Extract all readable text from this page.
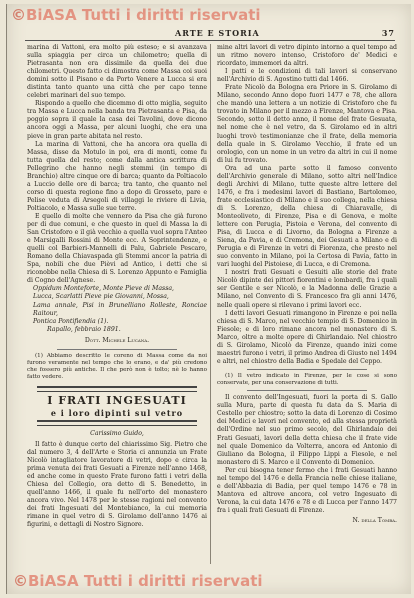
©BiASA Tutti i diritti riservati
ARTE E STORIA	37

marina di Vattoni, era molto più esteso; e si avanzava sulla spiaggia per circa un chilometro; quella di Pietrasanta non era dissimile da quella dei due chilometri. Questo fatto ci dimostra come Massa coi suoi domini sotto il Pisano e da Porto Venere a Lucca si era distinta tanto quanto una città che per capo tenne celebri marinari del suo tempo.

Rispondo a quello che dicemmo di otto miglia, seguito tra Massa e Lucca nella banda tra Pietrasanta e Pisa, da poggio sopra il quale la casa dei Tavolini, dove dicono ancora oggi a Massa, per alcuni luoghi, che era una pieve in gran parte abitata nel resto.

La marina di Vattoni, che ha ancora ora quella di Massa, disse da Motulo in poi, era di monti, come fu tutta quella del resto; come dalla antica scrittura di Pellegrino che hanno negli stemmi (in tempo di Branchio) altre cinque ore di barca; quanto da Poltiacolo a Luccio delle ore di barca; tra tanto, che quanto nel corso di questa regione fino a dopo di Grosseto, pare e Pelise veduta di Arsegoli di villaggi le riviere di Livia, Poltiacolo, e Massa sulle sue terre.

E quello di molte che vennero da Pisa che già furono per di due comuni, e che questo in quel di Massa la di San Cristoforo e il già vecchio a quella vuol sopra l'Anteo e Marsigalli Rossini di Monte ecc. A Soprintendenze, e quelli col Barbieri-Mannelli di Palu, Gabriele Pescaro, Romano della Chiavaspada gli Stemmi ancor la patria di Spa, nobili che due Pièvi ad Antico, i detti che si riconobbe nella Chiesa di S. Lorenzo Appunto e Famiglia di Cogno dell'Agnese.

Oppidum Monteforte, Monte Pieve di Massa,
Lucca, Scarlatti Pieve pie Giovanni, Mossa,
Lama annale, Pisi in Brunelliano Rolleste, Ronciae Raitour,
Pontica Pontifiendia (1).
Rapallo, febbraio 1891.
Dott. Michele Lucana.

(1) Abbiamo descritto le coreno di Massa come da noi furono veramente nel tempo che lo erano, e da' più credono che fossero più antiche. Il che però non è tolto; nè lo hanno fatto vedere.

I FRATI INGESUATI
e i loro dipinti sul vetro
Carissimo Guido,

Il fatto è dunque certo del chiarissimo Sig. Pietro che dal numero 3, 4 dell'Arte e Storia ci annunzia un Frate Nicolò intagliatore lavoratore di vetri, dopo e circa la prima venuta dei frati Gesuati a Firenze nell'anno 1468, ed anche come in questo Frate furono fatti i vetri della Chiesa del Collegio, ora detto di S. Benedetto, in quell'anno 1466, il quale fu nell'orto del monastero ancora vivo. Nel 1478 per le stesse ragioni nel convento dei frati Ingesuati del Montebianco, la cui memoria rimane in quel vetro di S. Girolamo dell'anno 1476 ai figurini, e dettagli di Nostro Signore.

mine altri lavori di vetro dipinto intorno a quel tempo ad un ritmo novero intenso, Cristoforo de' Medici e ricordato, immemori da altri.

I patti e le condizioni di tali lavori si conservano nell'Archivio di S. Agostino tutti dal 1466.

Frate Nicolò da Bologna era Priore in S. Girolamo di Milano, secondo Anno dopo fuori 1477 e 78, che allora che mandò una lettera a un notizie di Cristoforo che fu trovato in Milano per il mezzo a Firenze, Mantova e Pisa. Secondo, sotto il detto anno, il nome del frate Gesuata, nel nome che è nel vetro, da S. Girolamo ed in altri luoghi trovò testimonianze che il frate, della memoria della quale in S. Girolamo Vecchio, il frate ed un orologio, con un nome in un vetro da altri in cui il nome di lui fu trovato.

Ora ad una parte sotto il famoso convento dell'Archivio generale di Milano, sotto altri nell'Indice degli Archivi di Milano, tutte queste altre lettere del 1476, e fra i medesimi lavori di Bastiano, Bartolomeo, frate ecclesiastico di Milano e il suo collega, nella chiesa di S. Lorenzo, della chiesa di Chiaravalle, di Monteoliveto, di Firenze, Pisa e di Genova, e molte lettere con Perugia, Pistoia e Verona, del convento di Pisa, di Lucca e di Livorno, da Bologna a Firenze a Siena, da Pavia, e di Cremona, dei Gesuati a Milano e di Perugia e di Firenze in vetri di Fiorenza, che presto nel suo convento in Milano, poi la Certosa di Pavia, fatto in vari luoghi del Pistoiese, di Lucca, e di Cremona.

I nostri frati Gesuati e Gesuiti alle storie del frate Nicolò dipinte dei pittori fiorentini e lombardi, fra i quali ser Gentile e ser Nicolò, e la Madonna delle Grazie a Milano, nel Convento di S. Francesco fra gli anni 1476, nelle quali opere si rilevano i primi lavori ecc.

I detti lavori Gesuati rimangono in Firenze e poi nella chiesa di S. Marco, nel vecchio tempio di S. Domenico in Fiesole; e di loro rimane ancora nel monastero di S. Marco, oltre a molte opere di Ghirlandaio. Nel chiostro di S. Girolamo, Nicolò da Firenze, quando inizi come maestri furono i vetri, il primo Andrea di Giusto nel 1494 e altri, nel chiostro della Badia e Spedale del Ceppo.

(1) Il vetro indicato in Firenze, per le cose si sono conservate, per una conservazione di tutti.

Il convento dell'Ingesuati, fuori la porta di S. Gallo sulla Mura, parte di questa fu data da S. Maria di Cestello per chiostro; sotto la data di Lorenzo di Cosimo dei Medici e lavori nel convento, ed alla stessa proprietà dell'Ordine nel suo primo secolo, del Ghirlandaio dei Frati Gesuati, lavori della detta chiesa che il frate vide nel quale Domenico da Volterra, ancora ed Antonio di Giuliano da Bologna, il Filippo Lippi a Fiesole, e nel monastero di S. Marco e il Convento di Domenico.

Per cui bisogna tener fermo che i frati Gesuati hanno nel tempo del 1476 e della Francia nelle chiese italiane, e dell'Abbazia di Badia, per quel tempo 1476 e 78 in Mantova ed altrove ancora, col vetro Ingesuato di Verona, la cui data 1476 e 78 e di Lucca per l'anno 1477 fra i quali frati Gesuati di Firenze.

N. della Tomba.
©BiASA Tutti i diritti riservati
